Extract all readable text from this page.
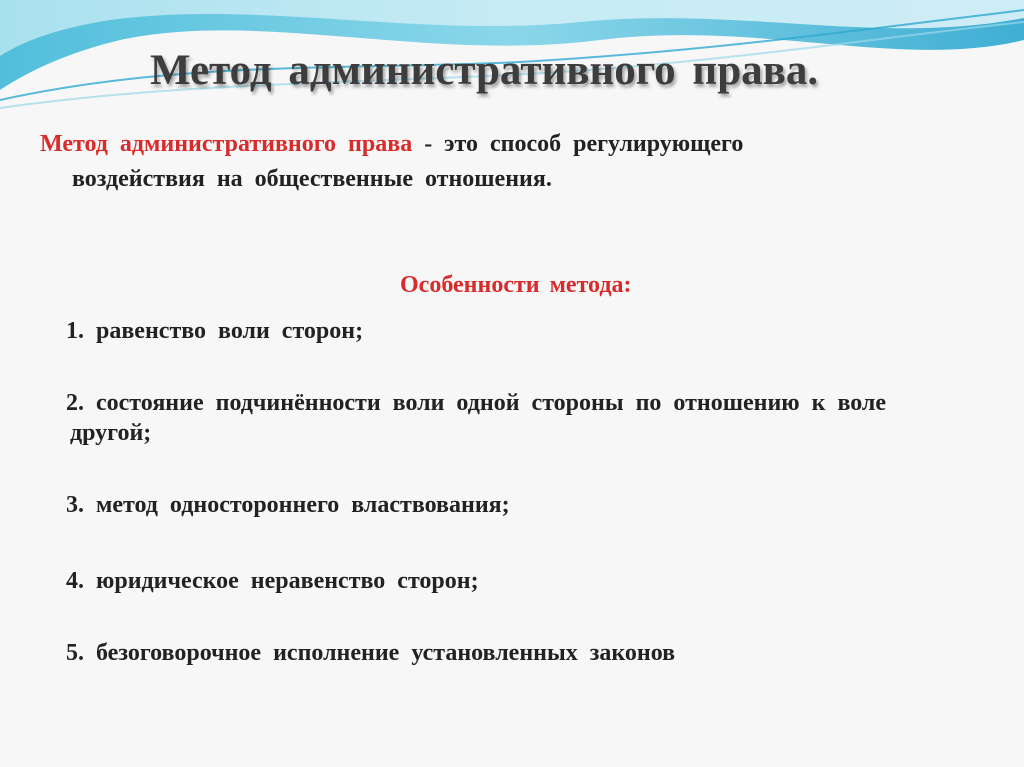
Метод административного права.
Метод административного права - это способ регулирующего
воздействия на общественные отношения.
Особенности метода:
1. равенство воли сторон;
2. состояние подчинённости воли одной стороны по отношению к воле
другой;
3. метод одностороннего властвования;
4. юридическое неравенство сторон;
5. безоговорочное исполнение установленных законов
